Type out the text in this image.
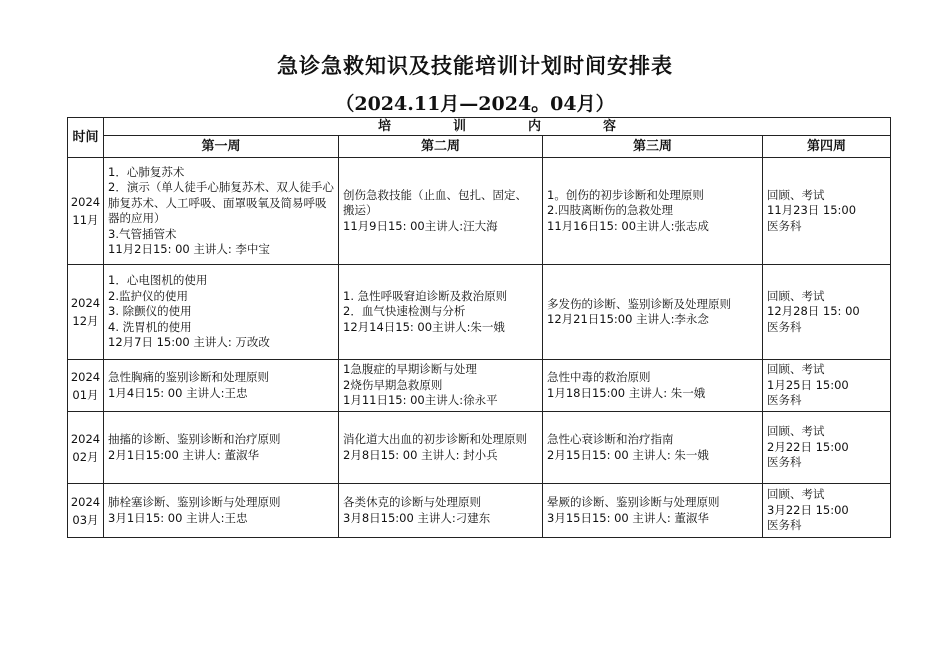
急诊急救知识及技能培训计划时间安排表
（2024.11月—2024。04月）
时间	培训内容			
	第一周	第二周	第三周	第四周

2024
11月	1．心肺复苏术
2．演示（单人徒手心肺复苏术、双人徒手心肺复苏术、人工呼吸、面罩吸氧及简易呼吸器的应用）
3.气管插管术
11月2日15: 00 主讲人: 李中宝	创伤急救技能（止血、包扎、固定、搬运）
11月9日15: 00主讲人:汪大海	1。创伤的初步诊断和处理原则
2.四肢离断伤的急救处理
11月16日15: 00主讲人:张志成	回顾、考试
11月23日 15:00
医务科

2024
12月	1．心电图机的使用
2.监护仪的使用
3. 除颤仪的使用
4. 洗胃机的使用
12月7日 15:00 主讲人: 万改改	1. 急性呼吸窘迫诊断及救治原则
2．血气快速检测与分析
12月14日15: 00主讲人:朱一娥	多发伤的诊断、鉴别诊断及处理原则
12月21日15:00 主讲人:李永念	回顾、考试
12月28日 15: 00
医务科

2024
01月	急性胸痛的鉴别诊断和处理原则
1月4日15: 00 主讲人:王忠	1急腹症的早期诊断与处理
2烧伤早期急救原则
1月11日15: 00主讲人:徐永平	急性中毒的救治原则
1月18日15:00 主讲人: 朱一娥	回顾、考试
1月25日 15:00
医务科

2024
02月	抽搐的诊断、鉴别诊断和治疗原则
2月1日15:00 主讲人: 董淑华	消化道大出血的初步诊断和处理原则
2月8日15: 00 主讲人: 封小兵	急性心衰诊断和治疗指南
2月15日15: 00 主讲人: 朱一娥	回顾、考试
2月22日 15:00
医务科

2024
03月	肺栓塞诊断、鉴别诊断与处理原则
3月1日15: 00 主讲人:王忠	各类休克的诊断与处理原则
3月8日15:00 主讲人:刁建东	晕厥的诊断、鉴别诊断与处理原则
3月15日15: 00 主讲人: 董淑华	回顾、考试
3月22日 15:00
医务科
